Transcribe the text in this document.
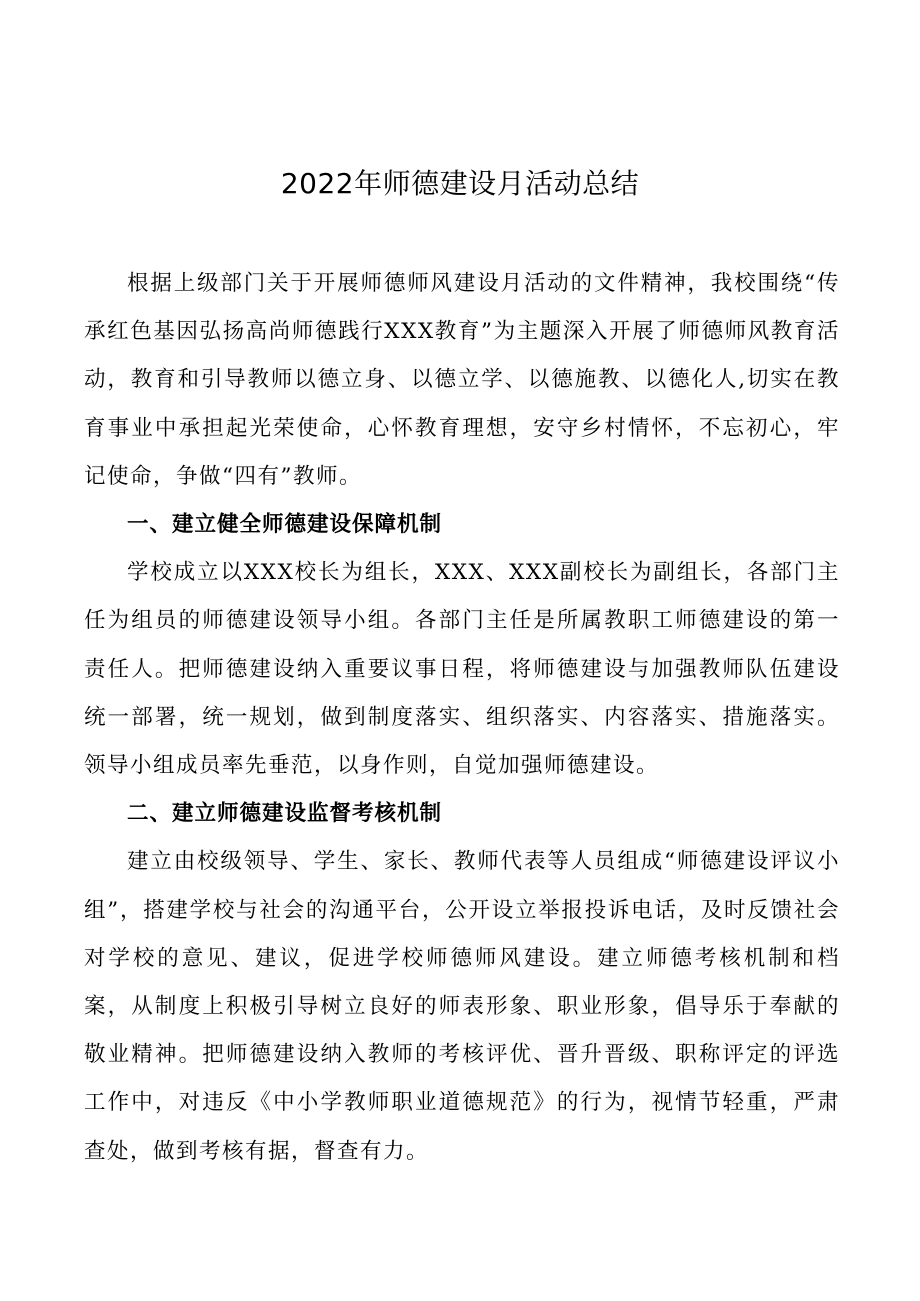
2022年师德建设月活动总结

根据上级部门关于开展师德师风建设月活动的文件精神，我校围绕“传承红色基因弘扬高尚师德践行XXX教育”为主题深入开展了师德师风教育活动，教育和引导教师以德立身、以德立学、以德施教、以德化人,切实在教育事业中承担起光荣使命，心怀教育理想，安守乡村情怀，不忘初心，牢记使命，争做“四有”教师。

一、建立健全师德建设保障机制

学校成立以XXX校长为组长，XXX、XXX副校长为副组长，各部门主任为组员的师德建设领导小组。各部门主任是所属教职工师德建设的第一责任人。把师德建设纳入重要议事日程，将师德建设与加强教师队伍建设统一部署，统一规划，做到制度落实、组织落实、内容落实、措施落实。领导小组成员率先垂范，以身作则，自觉加强师德建设。

二、建立师德建设监督考核机制

建立由校级领导、学生、家长、教师代表等人员组成“师德建设评议小组”，搭建学校与社会的沟通平台，公开设立举报投诉电话，及时反馈社会对学校的意见、建议，促进学校师德师风建设。建立师德考核机制和档案，从制度上积极引导树立良好的师表形象、职业形象，倡导乐于奉献的敬业精神。把师德建设纳入教师的考核评优、晋升晋级、职称评定的评选工作中，对违反《中小学教师职业道德规范》的行为，视情节轻重，严肃查处，做到考核有据，督查有力。
